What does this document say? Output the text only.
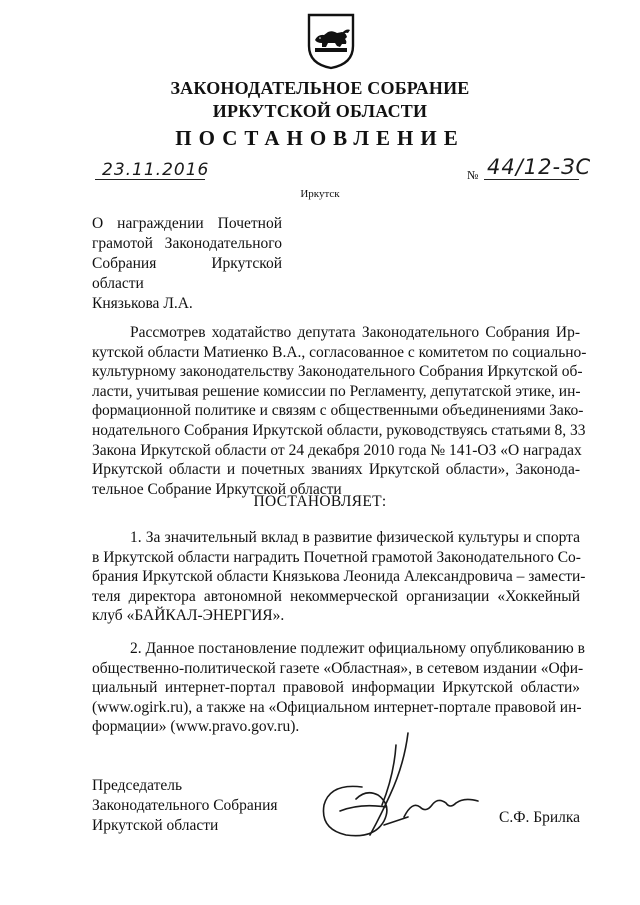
ЗАКОНОДАТЕЛЬНОЕ СОБРАНИЕ
ИРКУТСКОЙ ОБЛАСТИ
ПОСТАНОВЛЕНИЕ
23.11.2016	№ 44/12-ЗС
Иркутск
О награждении Почетной
грамотой Законодательного
Собрания Иркутской области
Князькова Л.А.
Рассмотрев ходатайство депутата Законодательного Собрания Ир-
кутской области Матиенко В.А., согласованное с комитетом по социально-
культурному законодательству Законодательного Собрания Иркутской об-
ласти, учитывая решение комиссии по Регламенту, депутатской этике, ин-
формационной политике и связям с общественными объединениями Зако-
нодательного Собрания Иркутской области, руководствуясь статьями 8, 33
Закона Иркутской области от 24 декабря 2010 года № 141-ОЗ «О наградах
Иркутской области и почетных званиях Иркутской области», Законода-
тельное Собрание Иркутской области
ПОСТАНОВЛЯЕТ:
1. За значительный вклад в развитие физической культуры и спорта
в Иркутской области наградить Почетной грамотой Законодательного Со-
брания Иркутской области Князькова Леонида Александровича – замести-
теля директора автономной некоммерческой организации «Хоккейный
клуб «БАЙКАЛ-ЭНЕРГИЯ».
2. Данное постановление подлежит официальному опубликованию в
общественно-политической газете «Областная», в сетевом издании «Офи-
циальный интернет-портал правовой информации Иркутской области»
(www.ogirk.ru), а также на «Официальном интернет-портале правовой ин-
формации» (www.pravo.gov.ru).
Председатель
Законодательного Собрания
Иркутской области	С.Ф. Брилка
